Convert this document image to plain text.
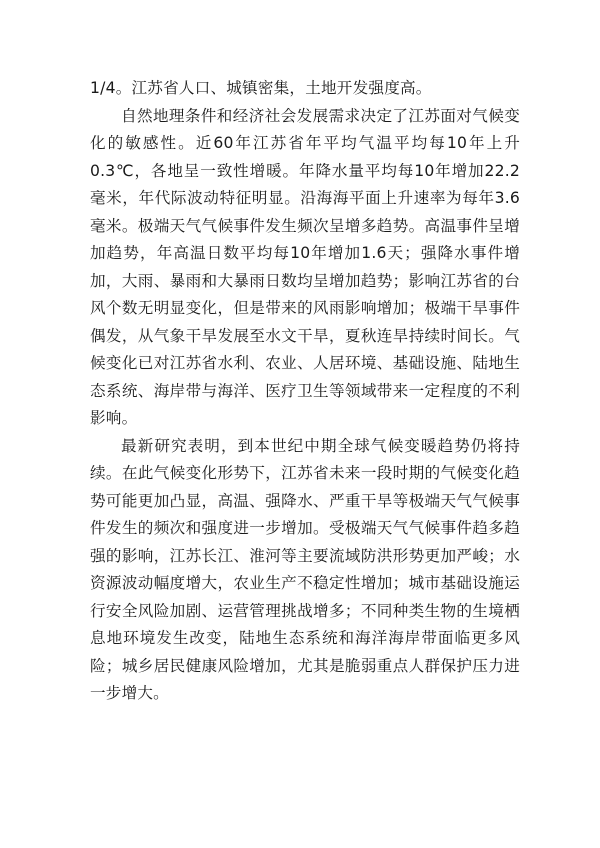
1/4。江苏省人口、城镇密集，土地开发强度高。

自然地理条件和经济社会发展需求决定了江苏面对气候变化的敏感性。近60年江苏省年平均气温平均每10年上升0.3℃，各地呈一致性增暖。年降水量平均每10年增加22.2毫米，年代际波动特征明显。沿海海平面上升速率为每年3.6毫米。极端天气气候事件发生频次呈增多趋势。高温事件呈增加趋势，年高温日数平均每10年增加1.6天；强降水事件增加，大雨、暴雨和大暴雨日数均呈增加趋势；影响江苏省的台风个数无明显变化，但是带来的风雨影响增加；极端干旱事件偶发，从气象干旱发展至水文干旱，夏秋连旱持续时间长。气候变化已对江苏省水利、农业、人居环境、基础设施、陆地生态系统、海岸带与海洋、医疗卫生等领域带来一定程度的不利影响。

最新研究表明，到本世纪中期全球气候变暖趋势仍将持续。在此气候变化形势下，江苏省未来一段时期的气候变化趋势可能更加凸显，高温、强降水、严重干旱等极端天气气候事件发生的频次和强度进一步增加。受极端天气气候事件趋多趋强的影响，江苏长江、淮河等主要流域防洪形势更加严峻；水资源波动幅度增大，农业生产不稳定性增加；城市基础设施运行安全风险加剧、运营管理挑战增多；不同种类生物的生境栖息地环境发生改变，陆地生态系统和海洋海岸带面临更多风险；城乡居民健康风险增加，尤其是脆弱重点人群保护压力进一步增大。
